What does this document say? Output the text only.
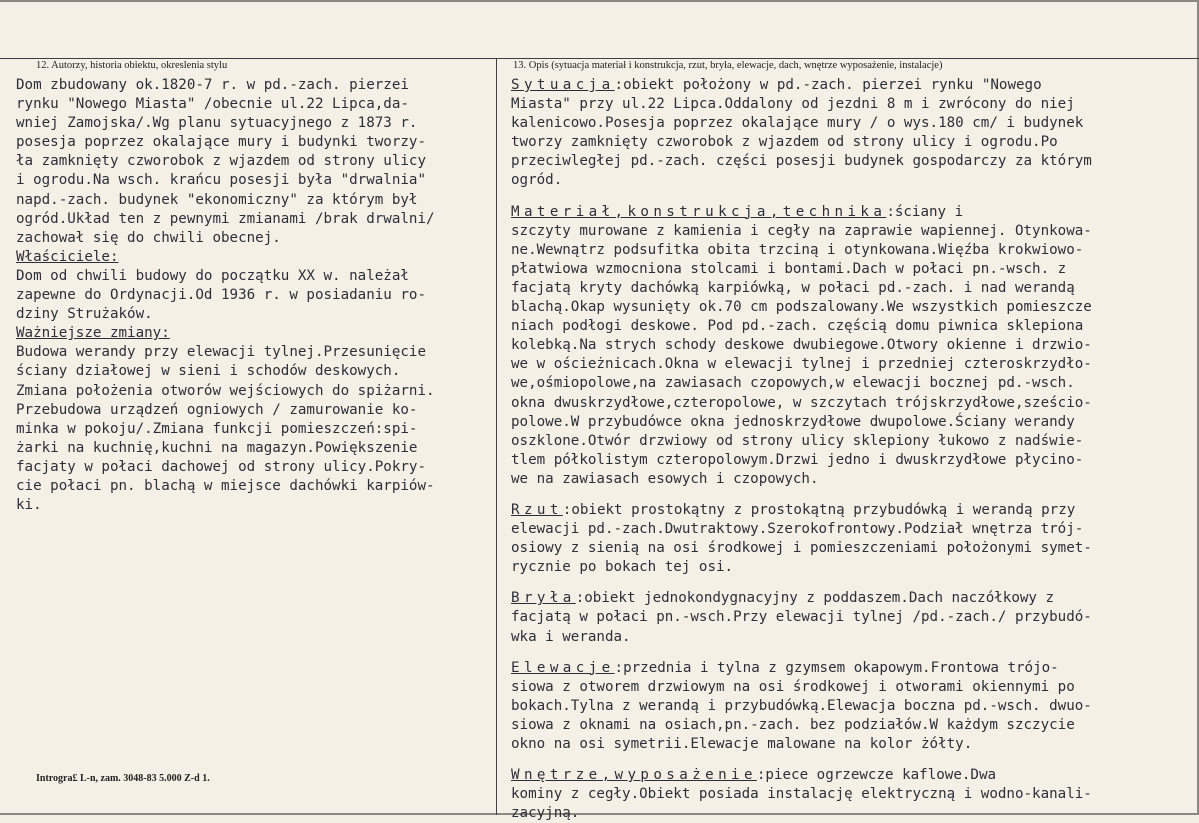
12. Autorzy, historia obiektu, okreslenia stylu	13. Opis (sytuacja materiał i konstrukcja, rzut, bryła, elewacje, dach, wnętrze wyposażenie, instalacje)
Dom zbudowany ok.1820-7 r. w pd.-zach. pierzei
rynku "Nowego Miasta" /obecnie ul.22 Lipca,da-
wniej Zamojska/.Wg planu sytuacyjnego z 1873 r.
posesja poprzez okalające mury i budynki tworzy-
ła zamknięty czworobok z wjazdem od strony ulicy
i ogrodu.Na wsch. krańcu posesji była "drwalnia"
napd.-zach. budynek "ekonomiczny" za którym był
ogród.Układ ten z pewnymi zmianami /brak drwalni/
zachował się do chwili obecnej.
Właściciele:
Dom od chwili budowy do początku XX w. należał
zapewne do Ordynacji.Od 1936 r. w posiadaniu ro-
dziny Strużaków.
Ważniejsze zmiany:
Budowa werandy przy elewacji tylnej.Przesunięcie
ściany działowej w sieni i schodów deskowych.
Zmiana położenia otworów wejściowych do spiżarni.
Przebudowa urządzeń ogniowych / zamurowanie ko-
minka w pokoju/.Zmiana funkcji pomieszczeń:spi-
żarki na kuchnię,kuchni na magazyn.Powiększenie
facjaty w połaci dachowej od strony ulicy.Pokry-
cie połaci pn. blachą w miejsce dachówki karpiów-
ki.
Sytuacja:obiekt położony w pd.-zach. pierzei rynku "Nowego
Miasta" przy ul.22 Lipca.Oddalony od jezdni 8 m i zwrócony do niej
kalenicowo.Posesja poprzez okalające mury / o wys.180 cm/ i budynek
tworzy zamknięty czworobok z wjazdem od strony ulicy i ogrodu.Po
przeciwległej pd.-zach. części posesji budynek gospodarczy za którym
ogród.
Materiał,konstrukcja,technika:ściany i
szczyty murowane z kamienia i cegły na zaprawie wapiennej. Otynkowa-
ne.Wewnątrz podsufitka obita trzciną i otynkowana.Więźba krokwiowo-
płatwiowa wzmocniona stolcami i bontami.Dach w połaci pn.-wsch. z
facjatą kryty dachówką karpiówką, w połaci pd.-zach. i nad werandą
blachą.Okap wysunięty ok.70 cm podszalowany.We wszystkich pomieszcze
niach podłogi deskowe. Pod pd.-zach. częścią domu piwnica sklepiona
kolebką.Na strych schody deskowe dwubiegowe.Otwory okienne i drzwio-
we w ościeżnicach.Okna w elewacji tylnej i przedniej czteroskrzydło-
we,ośmiopolowe,na zawiasach czopowych,w elewacji bocznej pd.-wsch.
okna dwuskrzydłowe,czteropolowe, w szczytach trójskrzydłowe,sześcio-
polowe.W przybudówce okna jednoskrzydłowe dwupolowe.Ściany werandy
oszklone.Otwór drzwiowy od strony ulicy sklepiony łukowo z nadświe-
tlem półkolistym czteropolowym.Drzwi jedno i dwuskrzydłowe płycino-
we na zawiasach esowych i czopowych.
Rzut:obiekt prostokątny z prostokątną przybudówką i werandą przy
elewacji pd.-zach.Dwutraktowy.Szerokofrontowy.Podział wnętrza trój-
osiowy z sienią na osi środkowej i pomieszczeniami położonymi symet-
rycznie po bokach tej osi.
Bryła:obiekt jednokondygnacyjny z poddaszem.Dach naczółkowy z
facjatą w połaci pn.-wsch.Przy elewacji tylnej /pd.-zach./ przybudó-
wka i weranda.
Elewacje:przednia i tylna z gzymsem okapowym.Frontowa trójo-
siowa z otworem drzwiowym na osi środkowej i otworami okiennymi po
bokach.Tylna z werandą i przybudówką.Elewacja boczna pd.-wsch. dwuo-
siowa z oknami na osiach,pn.-zach. bez podziałów.W każdym szczycie
okno na osi symetrii.Elewacje malowane na kolor żółty.
Wnętrze,wyposażenie:piece ogrzewcze kaflowe.Dwa
kominy z cegły.Obiekt posiada instalację elektryczną i wodno-kanali-
zacyjną.
Introgra£ L-n, zam. 3048-83 5.000 Z-d 1.
